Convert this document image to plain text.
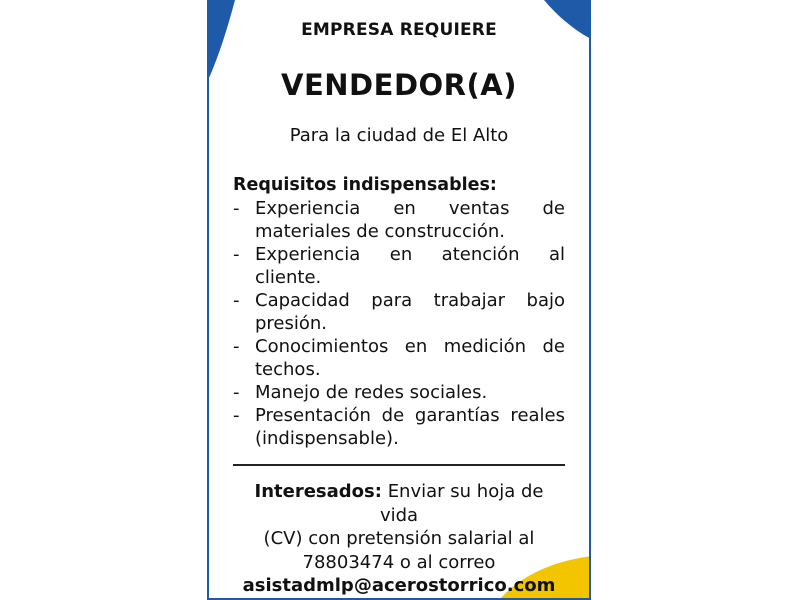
EMPRESA REQUIERE
VENDEDOR(A)
Para la ciudad de El Alto
Requisitos indispensables:
- Experiencia en ventas de materiales de construcción.
- Experiencia en atención al cliente.
- Capacidad para trabajar bajo presión.
- Conocimientos en medición de techos.
- Manejo de redes sociales.
- Presentación de garantías reales (indispensable).
Interesados: Enviar su hoja de vida
(CV) con pretensión salarial al
78803474 o al correo
asistadmlp@acerostorrico.com
